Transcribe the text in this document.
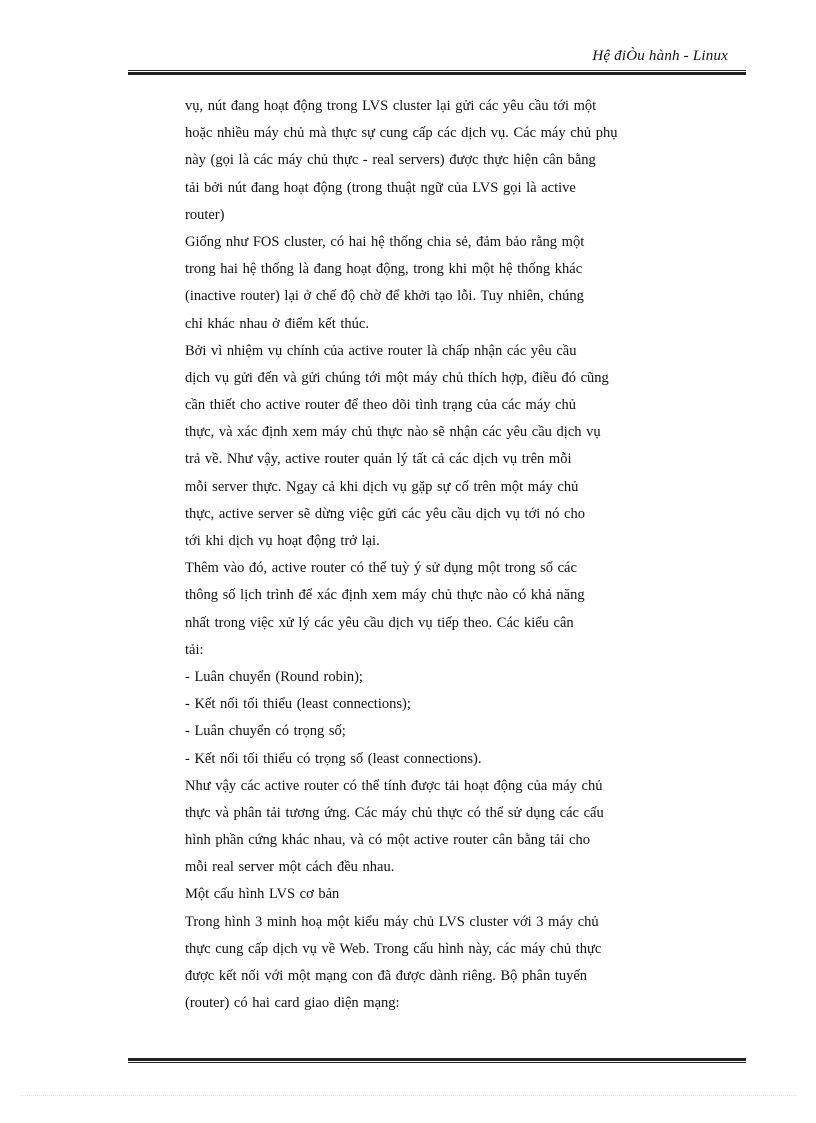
Hệ điÒu hành - Linux
vụ, nút đang hoạt động trong LVS cluster lại gửi các yêu cầu tới một
hoặc nhiều máy chủ mà thực sự cung cấp các dịch vụ. Các máy chủ phụ
này (gọi là các máy chủ thực - real servers) được thực hiện cân bằng
tải bởi nút đang hoạt động (trong thuật ngữ của LVS gọi là active
router)
Giống như FOS cluster, có hai hệ thống chia sẻ, đảm bảo rằng một
trong hai hệ thống là đang hoạt động, trong khi một hệ thống khác
(inactive router) lại ở chế độ chờ để khởi tạo lỗi. Tuy nhiên, chúng
chỉ khác nhau ở điểm kết thúc.
Bởi vì nhiệm vụ chính của active router là chấp nhận các yêu cầu
dịch vụ gửi đến và gửi chúng tới một máy chủ thích hợp, điều đó cũng
cần thiết cho active router để theo dõi tình trạng của các máy chủ
thực, và xác định xem máy chủ thực nào sẽ nhận các yêu cầu dịch vụ
trả về. Như vậy, active router quản lý tất cả các dịch vụ trên mỗi
mỗi server thực. Ngay cả khi dịch vụ gặp sự cố trên một máy chủ
thực, active server sẽ dừng việc gửi các yêu cầu dịch vụ tới nó cho
tới khi dịch vụ hoạt động trở lại.
Thêm vào đó, active router có thể tuỳ ý sử dụng một trong số các
thông số lịch trình để xác định xem máy chủ thực nào có khả năng
nhất trong việc xử lý các yêu cầu dịch vụ tiếp theo. Các kiểu cân
tải:
- Luân chuyển (Round robin);
- Kết nối tối thiểu (least connections);
- Luân chuyển có trọng số;
- Kết nối tối thiểu có trọng số (least connections).
Như vậy các active router có thể tính được tải hoạt động của máy chủ
thực và phân tải tương ứng. Các máy chủ thực có thể sử dụng các cấu
hình phần cứng khác nhau, và có một active router cân bằng tải cho
mỗi real server một cách đều nhau.
Một cấu hình LVS cơ bản
Trong hình 3 minh hoạ một kiểu máy chủ LVS cluster với 3 máy chủ
thực cung cấp dịch vụ về Web. Trong cấu hình này, các máy chủ thực
được kết nối với một mạng con đã được dành riêng. Bộ phân tuyến
(router) có hai card giao diện mạng:
